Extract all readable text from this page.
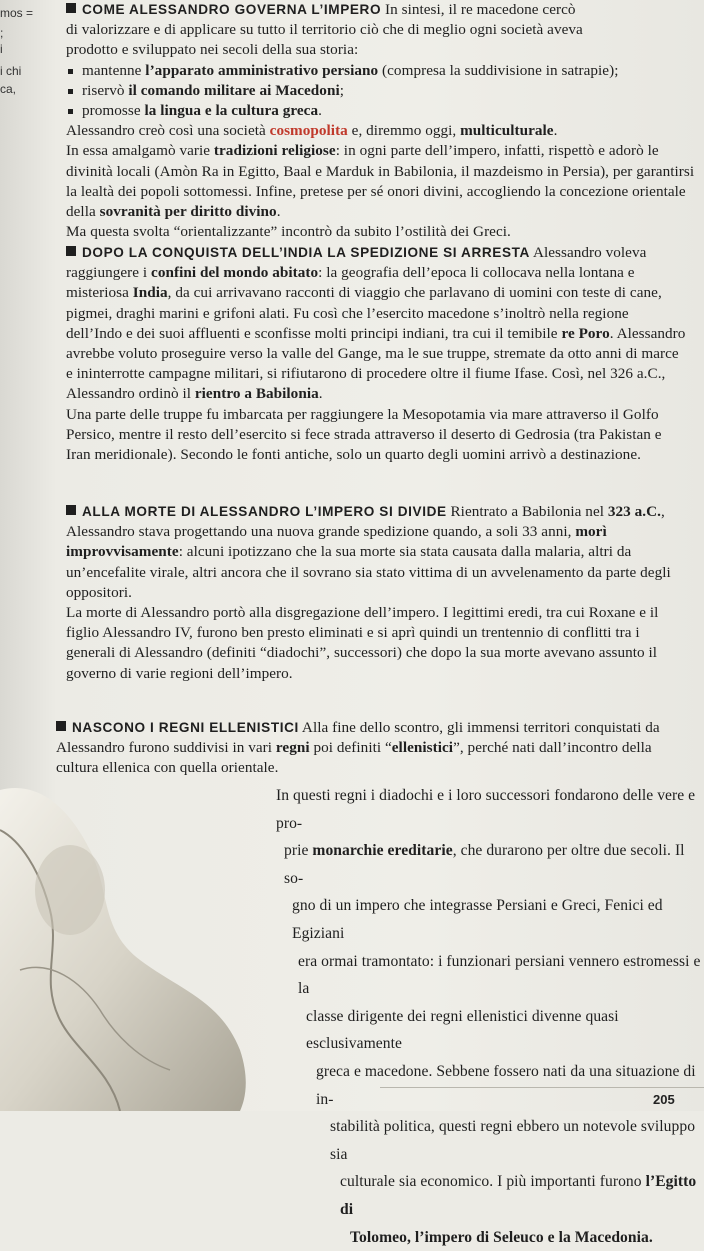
mos =
;
i
i chi
ca,

COME ALESSANDRO GOVERNA L’IMPERO In sintesi, il re macedone cercò

di valorizzare e di applicare su tutto il territorio ciò che di meglio ogni società aveva

prodotto e sviluppato nei secoli della sua storia:

mantenne l’apparato amministrativo persiano (compresa la suddivisione in satrapie);
riservò il comando militare ai Macedoni;
promosse la lingua e la cultura greca.

Alessandro creò così una società cosmopolita e, diremmo oggi, multiculturale.

In essa amalgamò varie tradizioni religiose: in ogni parte dell’impero, infatti, rispettò e adorò le divinità locali (Amòn Ra in Egitto, Baal e Marduk in Babilonia, il mazdeismo in Persia), per garantirsi la lealtà dei popoli sottomessi. Infine, pretese per sé onori divini, accogliendo la concezione orientale della sovranità per diritto divino.

Ma questa svolta “orientalizzante” incontrò da subito l’ostilità dei Greci.

DOPO LA CONQUISTA DELL’INDIA LA SPEDIZIONE SI ARRESTA Alessandro voleva raggiungere i confini del mondo abitato: la geografia dell’epoca li collocava nella lontana e misteriosa India, da cui arrivavano racconti di viaggio che parlavano di uomini con teste di cane, pigmei, draghi marini e grifoni alati. Fu così che l’esercito macedone s’inoltrò nella regione dell’Indo e dei suoi affluenti e sconfisse molti principi indiani, tra cui il temibile re Poro. Alessandro avrebbe voluto proseguire verso la valle del Gange, ma le sue truppe, stremate da otto anni di marce e ininterrotte campagne militari, si rifiutarono di procedere oltre il fiume Ifase. Così, nel 326 a.C., Alessandro ordinò il rientro a Babilonia.

Una parte delle truppe fu imbarcata per raggiungere la Mesopotamia via mare attraverso il Golfo Persico, mentre il resto dell’esercito si fece strada attraverso il deserto di Gedrosia (tra Pakistan e Iran meridionale). Secondo le fonti antiche, solo un quarto degli uomini arrivò a destinazione.

ALLA MORTE DI ALESSANDRO L’IMPERO SI DIVIDE Rientrato a Babilonia nel 323 a.C., Alessandro stava progettando una nuova grande spedizione quando, a soli 33 anni, morì improvvisamente: alcuni ipotizzano che la sua morte sia stata causata dalla malaria, altri da un’encefalite virale, altri ancora che il sovrano sia stato vittima di un avvelenamento da parte degli oppositori.

La morte di Alessandro portò alla disgregazione dell’impero. I legittimi eredi, tra cui Roxane e il figlio Alessandro IV, furono ben presto eliminati e si aprì quindi un trentennio di conflitti tra i generali di Alessandro (definiti “diadochi”, successori) che dopo la sua morte avevano assunto il governo di varie regioni dell’impero.

NASCONO I REGNI ELLENISTICI Alla fine dello scontro, gli immensi territori conquistati da Alessandro furono suddivisi in vari regni poi definiti “ellenistici”, perché nati dall’incontro della cultura ellenica con quella orientale.

In questi regni i diadochi e i loro successori fondarono delle vere e pro-

prie monarchie ereditarie, che durarono per oltre due secoli. Il so-

gno di un impero che integrasse Persiani e Greci, Fenici ed Egiziani

era ormai tramontato: i funzionari persiani vennero estromessi e la

classe dirigente dei regni ellenistici divenne quasi esclusivamente

greca e macedone. Sebbene fossero nati da una situazione di in-

stabilità politica, questi regni ebbero un notevole sviluppo sia

culturale sia economico. I più importanti furono l’Egitto di

Tolomeo, l’impero di Seleuco e la Macedonia.

205
